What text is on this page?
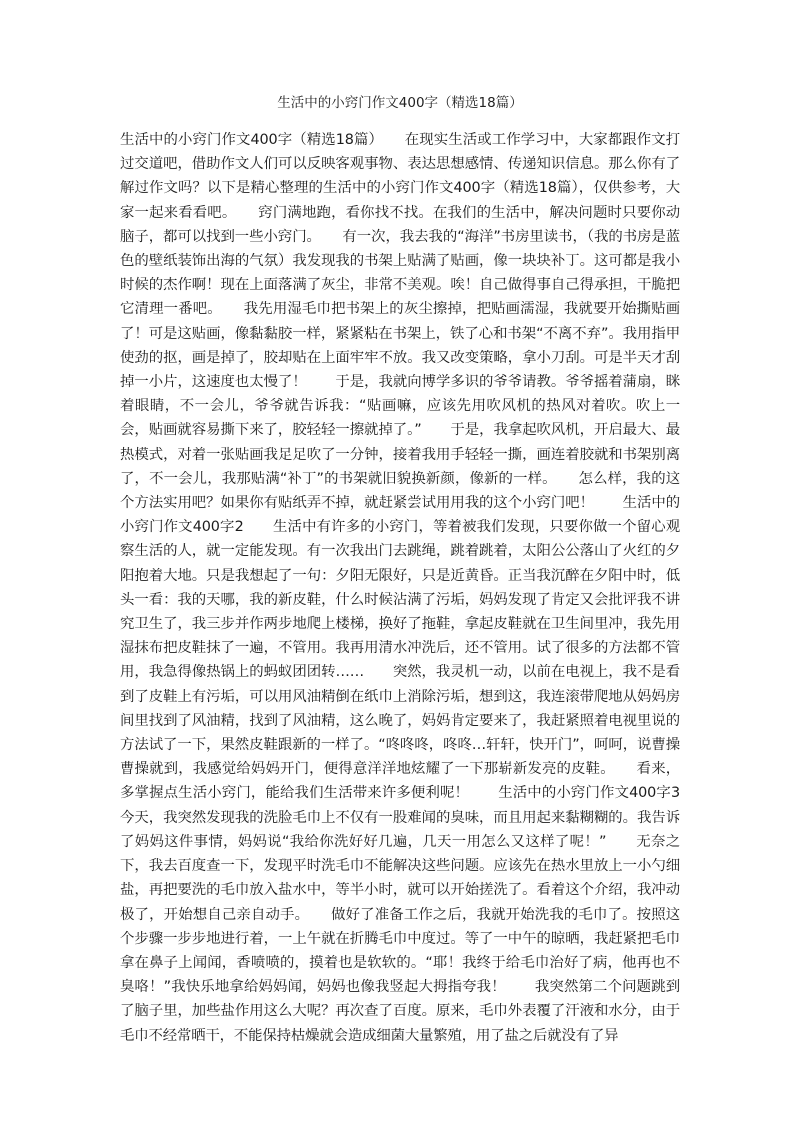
生活中的小窍门作文400字（精选18篇）
生活中的小窍门作文400字（精选18篇）　　在现实生活或工作学习中，大家都跟作文打过交道吧，借助作文人们可以反映客观事物、表达思想感情、传递知识信息。那么你有了解过作文吗？以下是精心整理的生活中的小窍门作文400字（精选18篇），仅供参考，大家一起来看看吧。　　窍门满地跑，看你找不找。在我们的生活中，解决问题时只要你动脑子，都可以找到一些小窍门。　　有一次，我去我的“海洋”书房里读书，（我的书房是蓝色的壁纸装饰出海的气氛）我发现我的书架上贴满了贴画，像一块块补丁。这可都是我小时候的杰作啊！现在上面落满了灰尘，非常不美观。唉！自己做得事自己得承担，干脆把它清理一番吧。　　我先用湿毛巾把书架上的灰尘擦掉，把贴画濡湿，我就要开始撕贴画了！可是这贴画，像黏黏胶一样，紧紧粘在书架上，铁了心和书架“不离不弃”。我用指甲使劲的抠，画是掉了，胶却贴在上面牢牢不放。我又改变策略，拿小刀刮。可是半天才刮掉一小片，这速度也太慢了！　　于是，我就向博学多识的爷爷请教。爷爷摇着蒲扇，眯着眼睛，不一会儿，爷爷就告诉我：“贴画嘛，应该先用吹风机的热风对着吹。吹上一会，贴画就容易撕下来了，胶轻轻一擦就掉了。”　　于是，我拿起吹风机，开启最大、最热模式，对着一张贴画我足足吹了一分钟，接着我用手轻轻一撕，画连着胶就和书架别离了，不一会儿，我那贴满“补丁”的书架就旧貌换新颜，像新的一样。　　怎么样，我的这个方法实用吧？如果你有贴纸弄不掉，就赶紧尝试用用我的这个小窍门吧！　　生活中的小窍门作文400字2　　生活中有许多的小窍门，等着被我们发现，只要你做一个留心观察生活的人，就一定能发现。有一次我出门去跳绳，跳着跳着，太阳公公落山了火红的夕阳抱着大地。只是我想起了一句：夕阳无限好，只是近黄昏。正当我沉醉在夕阳中时，低头一看：我的天哪，我的新皮鞋，什么时候沾满了污垢，妈妈发现了肯定又会批评我不讲究卫生了，我三步并作两步地爬上楼梯，换好了拖鞋，拿起皮鞋就在卫生间里冲，我先用湿抹布把皮鞋抹了一遍，不管用。我再用清水冲洗后，还不管用。试了很多的方法都不管用，我急得像热锅上的蚂蚁团团转……　　突然，我灵机一动，以前在电视上，我不是看到了皮鞋上有污垢，可以用风油精倒在纸巾上消除污垢，想到这，我连滚带爬地从妈妈房间里找到了风油精，找到了风油精，这么晚了，妈妈肯定要来了，我赶紧照着电视里说的方法试了一下，果然皮鞋跟新的一样了。“咚咚咚，咚咚…轩轩，快开门”，呵呵，说曹操曹操就到，我感觉给妈妈开门，便得意洋洋地炫耀了一下那崭新发亮的皮鞋。　　看来，多掌握点生活小窍门，能给我们生活带来许多便利呢！　　生活中的小窍门作文400字3　　今天，我突然发现我的洗脸毛巾上不仅有一股难闻的臭味，而且用起来黏糊糊的。我告诉了妈妈这件事情，妈妈说“我给你洗好好几遍，几天一用怎么又这样了呢！”　　无奈之下，我去百度查一下，发现平时洗毛巾不能解决这些问题。应该先在热水里放上一小勺细盐，再把要洗的毛巾放入盐水中，等半小时，就可以开始搓洗了。看着这个介绍，我冲动极了，开始想自己亲自动手。　　做好了准备工作之后，我就开始洗我的毛巾了。按照这个步骤一步步地进行着，一上午就在折腾毛巾中度过。等了一中午的晾晒，我赶紧把毛巾拿在鼻子上闻闻，香喷喷的，摸着也是软软的。“耶！我终于给毛巾治好了病，他再也不臭咯！”我快乐地拿给妈妈闻，妈妈也像我竖起大拇指夸我！　　我突然第二个问题跳到了脑子里，加些盐作用这么大呢？再次查了百度。原来，毛巾外表覆了汗液和水分，由于毛巾不经常晒干，不能保持枯燥就会造成细菌大量繁殖，用了盐之后就没有了异
